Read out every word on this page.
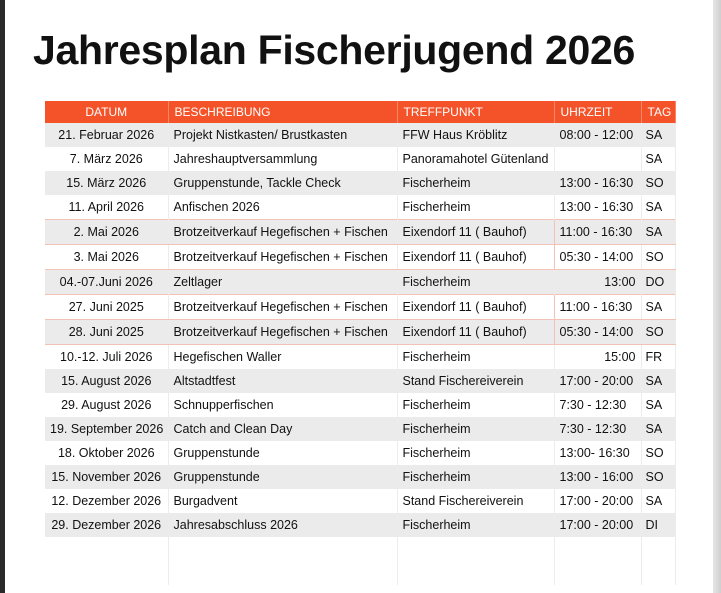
Jahresplan Fischerjugend 2026
DATUM	BESCHREIBUNG	TREFFPUNKT	UHRZEIT	TAG
21. Februar 2026	Projekt Nistkasten/ Brustkasten	FFW Haus Kröblitz	08:00 - 12:00	SA
7. März 2026	Jahreshauptversammlung	Panoramahotel Gütenland		SA
15. März 2026	Gruppenstunde, Tackle Check	Fischerheim	13:00 - 16:30	SO
11. April 2026	Anfischen 2026	Fischerheim	13:00 - 16:30	SA
2. Mai 2026	Brotzeitverkauf Hegefischen + Fischen	Eixendorf 11 ( Bauhof)	11:00 - 16:30	SA
3. Mai 2026	Brotzeitverkauf Hegefischen + Fischen	Eixendorf 11 ( Bauhof)	05:30 - 14:00	SO
04.-07.Juni 2026	Zeltlager	Fischerheim	13:00	DO
27. Juni 2025	Brotzeitverkauf Hegefischen + Fischen	Eixendorf 11 ( Bauhof)	11:00 - 16:30	SA
28. Juni 2025	Brotzeitverkauf Hegefischen + Fischen	Eixendorf 11 ( Bauhof)	05:30 - 14:00	SO
10.-12. Juli 2026	Hegefischen Waller	Fischerheim	15:00	FR
15. August 2026	Altstadtfest	Stand Fischereiverein	17:00 - 20:00	SA
29. August 2026	Schnupperfischen	Fischerheim	7:30 - 12:30	SA
19. September 2026	Catch and Clean Day	Fischerheim	7:30 - 12:30	SA
18. Oktober 2026	Gruppenstunde	Fischerheim	13:00- 16:30	SO
15. November 2026	Gruppenstunde	Fischerheim	13:00 - 16:00	SO
12. Dezember 2026	Burgadvent	Stand Fischereiverein	17:00 - 20:00	SA
29. Dezember 2026	Jahresabschluss 2026	Fischerheim	17:00 - 20:00	DI
